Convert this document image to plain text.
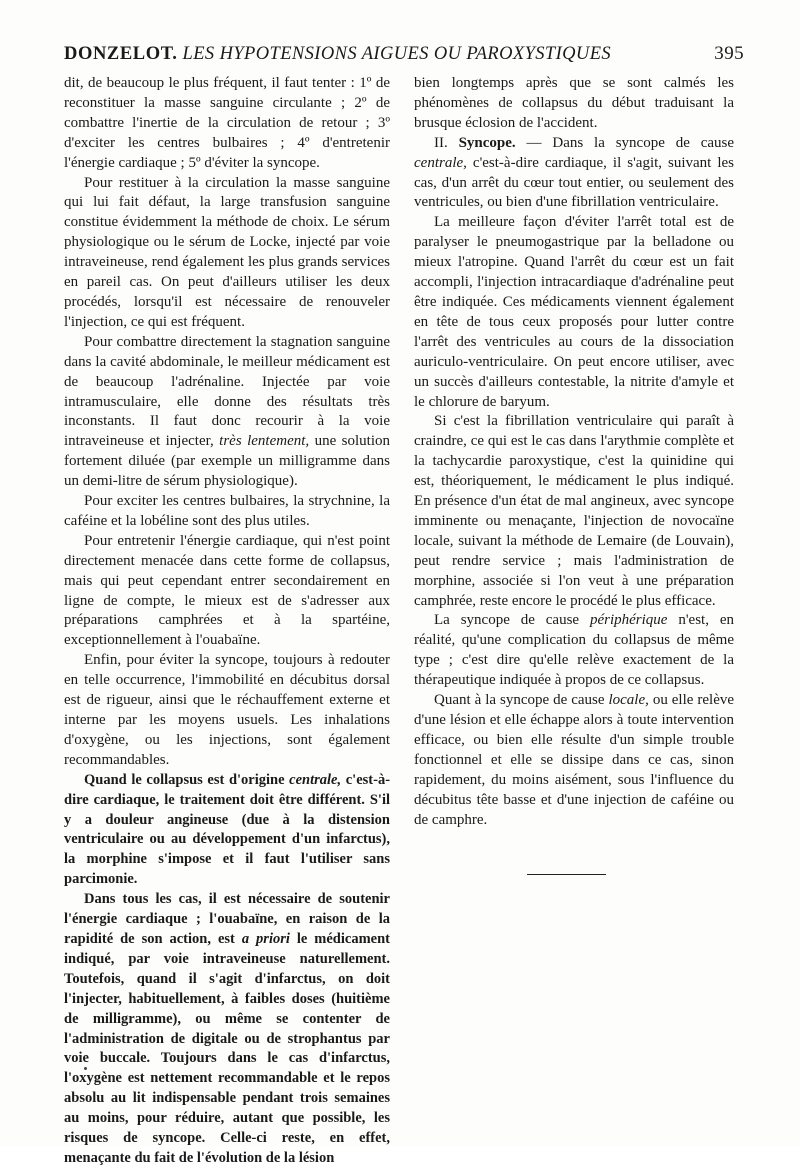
DONZELOT. LES HYPOTENSIONS AIGUES OU PAROXYSTIQUES	395

dit, de beaucoup le plus fréquent, il faut tenter : 1º de reconstituer la masse sanguine circulante ; 2º de combattre l'inertie de la circulation de retour ; 3º d'exciter les centres bulbaires ; 4º d'entretenir l'énergie cardiaque ; 5º d'éviter la syncope.

Pour restituer à la circulation la masse sanguine qui lui fait défaut, la large transfusion sanguine constitue évidemment la méthode de choix. Le sérum physiologique ou le sérum de Locke, injecté par voie intraveineuse, rend également les plus grands services en pareil cas. On peut d'ailleurs utiliser les deux procédés, lorsqu'il est nécessaire de renouveler l'injection, ce qui est fréquent.

Pour combattre directement la stagnation sanguine dans la cavité abdominale, le meilleur médicament est de beaucoup l'adrénaline. Injectée par voie intramusculaire, elle donne des résultats très inconstants. Il faut donc recourir à la voie intraveineuse et injecter, très lentement, une solution fortement diluée (par exemple un milligramme dans un demi-litre de sérum physiologique).

Pour exciter les centres bulbaires, la strychnine, la caféine et la lobéline sont des plus utiles.

Pour entretenir l'énergie cardiaque, qui n'est point directement menacée dans cette forme de collapsus, mais qui peut cependant entrer secondairement en ligne de compte, le mieux est de s'adresser aux préparations camphrées et à la spartéine, exceptionnellement à l'ouabaïne.

Enfin, pour éviter la syncope, toujours à redouter en telle occurrence, l'immobilité en décubitus dorsal est de rigueur, ainsi que le réchauffement externe et interne par les moyens usuels. Les inhalations d'oxygène, ou les injections, sont également recommandables.

Quand le collapsus est d'origine centrale, c'est-à-dire cardiaque, le traitement doit être différent. S'il y a douleur angineuse (due à la distension ventriculaire ou au développement d'un infarctus), la morphine s'impose et il faut l'utiliser sans parcimonie.

Dans tous les cas, il est nécessaire de soutenir l'énergie cardiaque ; l'ouabaïne, en raison de la rapidité de son action, est a priori le médicament indiqué, par voie intraveineuse naturellement. Toutefois, quand il s'agit d'infarctus, on doit l'injecter, habituellement, à faibles doses (huitième de milligramme), ou même se contenter de l'administration de digitale ou de strophantus par voie buccale. Toujours dans le cas d'infarctus, l'oxygène est nettement recommandable et le repos absolu au lit indispensable pendant trois semaines au moins, pour réduire, autant que possible, les risques de syncope. Celle-ci reste, en effet, menaçante du fait de l'évolution de la lésion

bien longtemps après que se sont calmés les phénomènes de collapsus du début traduisant la brusque éclosion de l'accident.

II. Syncope. — Dans la syncope de cause centrale, c'est-à-dire cardiaque, il s'agit, suivant les cas, d'un arrêt du cœur tout entier, ou seulement des ventricules, ou bien d'une fibrillation ventriculaire.

La meilleure façon d'éviter l'arrêt total est de paralyser le pneumogastrique par la belladone ou mieux l'atropine. Quand l'arrêt du cœur est un fait accompli, l'injection intracardiaque d'adrénaline peut être indiquée. Ces médicaments viennent également en tête de tous ceux proposés pour lutter contre l'arrêt des ventricules au cours de la dissociation auriculo-ventriculaire. On peut encore utiliser, avec un succès d'ailleurs contestable, la nitrite d'amyle et le chlorure de baryum.

Si c'est la fibrillation ventriculaire qui paraît à craindre, ce qui est le cas dans l'arythmie complète et la tachycardie paroxystique, c'est la quinidine qui est, théoriquement, le médicament le plus indiqué. En présence d'un état de mal angineux, avec syncope imminente ou menaçante, l'injection de novocaïne locale, suivant la méthode de Lemaire (de Louvain), peut rendre service ; mais l'administration de morphine, associée si l'on veut à une préparation camphrée, reste encore le procédé le plus efficace.

La syncope de cause périphérique n'est, en réalité, qu'une complication du collapsus de même type ; c'est dire qu'elle relève exactement de la thérapeutique indiquée à propos de ce collapsus.

Quant à la syncope de cause locale, ou elle relève d'une lésion et elle échappe alors à toute intervention efficace, ou bien elle résulte d'un simple trouble fonctionnel et elle se dissipe dans ce cas, sinon rapidement, du moins aisément, sous l'influence du décubitus tête basse et d'une injection de caféine ou de camphre.
